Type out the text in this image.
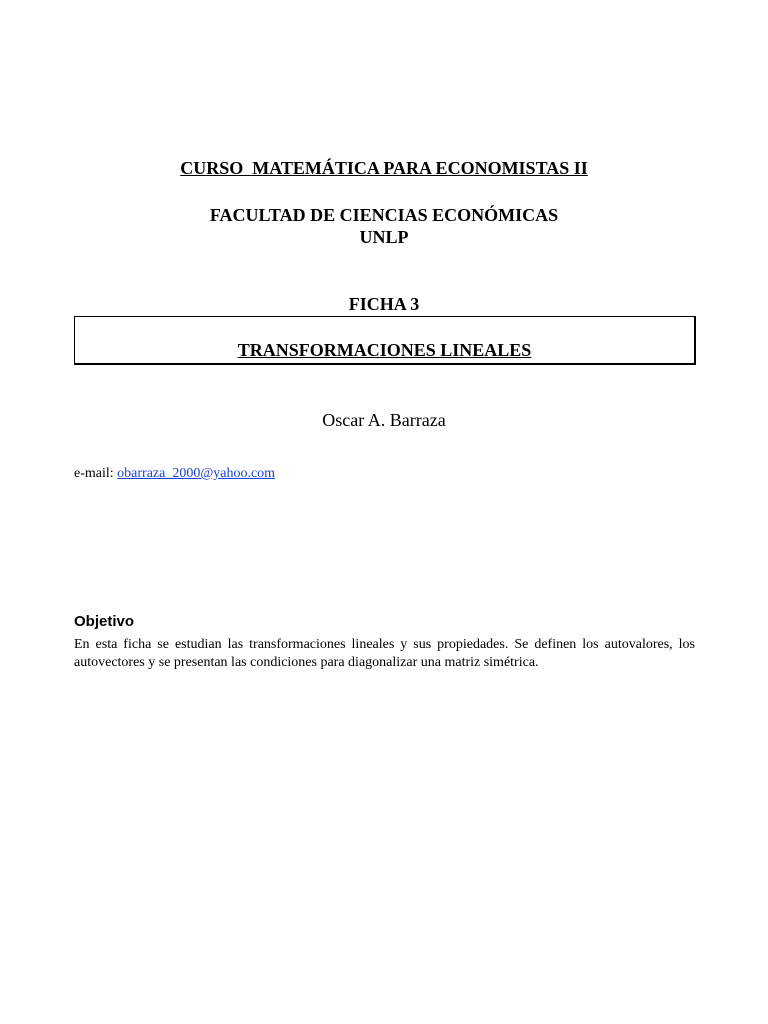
CURSO  MATEMÁTICA PARA ECONOMISTAS II
FACULTAD DE CIENCIAS ECONÓMICAS
UNLP
FICHA 3
TRANSFORMACIONES LINEALES
Oscar A. Barraza
e-mail: obarraza_2000@yahoo.com
Objetivo
En esta ficha se estudian las transformaciones lineales y sus propiedades. Se definen los autovalores, los autovectores y se presentan las condiciones para diagonalizar una matriz simétrica.
